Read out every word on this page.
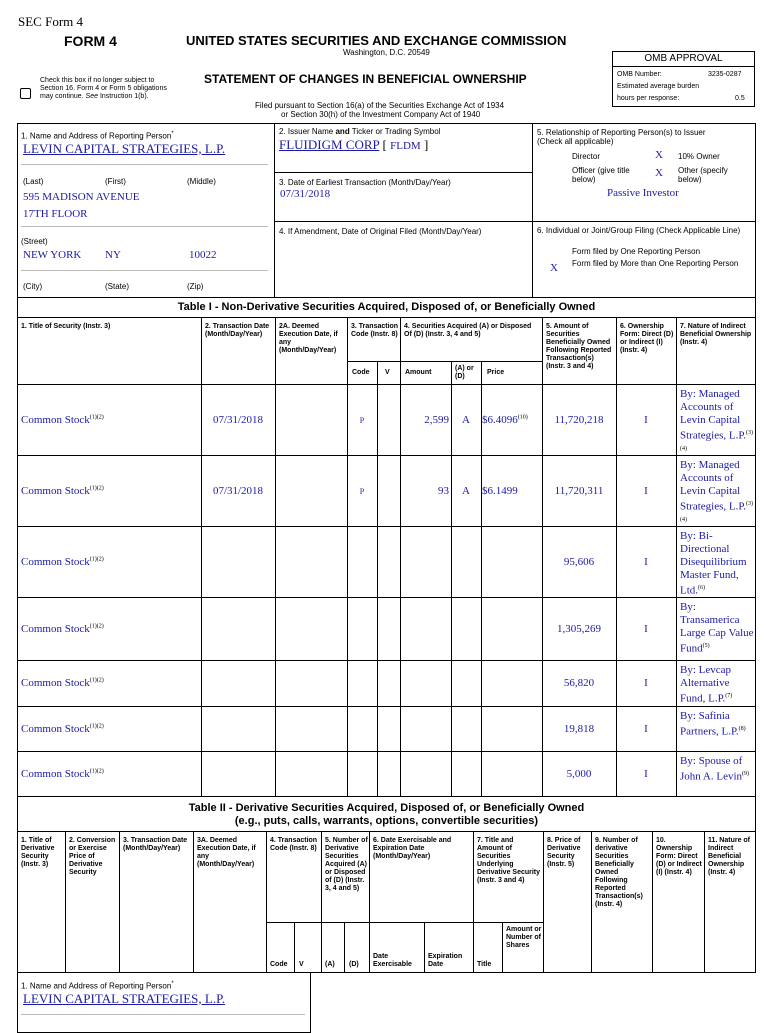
SEC Form 4
FORM 4	UNITED STATES SECURITIES AND EXCHANGE COMMISSION
Washington, D.C. 20549
OMB APPROVAL
OMB Number:	3235-0287
Estimated average burden
hours per response:	0.5
Check this box if no longer subject to Section 16. Form 4 or Form 5 obligations may continue. See Instruction 1(b).
STATEMENT OF CHANGES IN BENEFICIAL OWNERSHIP
Filed pursuant to Section 16(a) of the Securities Exchange Act of 1934
or Section 30(h) of the Investment Company Act of 1940
1. Name and Address of Reporting Person*
LEVIN CAPITAL STRATEGIES, L.P.
(Last)	(First)	(Middle)
595 MADISON AVENUE
17TH FLOOR
(Street)
NEW YORK NY	10022
(City)	(State)	(Zip)
2. Issuer Name and Ticker or Trading Symbol
FLUIDIGM CORP [ FLDM ]
3. Date of Earliest Transaction (Month/Day/Year)
07/31/2018
4. If Amendment, Date of Original Filed (Month/Day/Year)
5. Relationship of Reporting Person(s) to Issuer
(Check all applicable)
Director	X 10% Owner
Officer (give title below)
X Other (specify below)
Passive Investor
6. Individual or Joint/Group Filing (Check Applicable Line)
Form filed by One Reporting Person
X Form filed by More than One Reporting Person
Table I - Non-Derivative Securities Acquired, Disposed of, or Beneficially Owned
1. Title of Security (Instr. 3)	2. Transaction Date (Month/Day/Year)
2A. Deemed Execution Date, if any (Month/Day/Year)
3. Transaction Code (Instr. 8)
4. Securities Acquired (A) or Disposed Of (D) (Instr. 3, 4 and 5)
5. Amount of Securities Beneficially Owned Following Reported Transaction(s) (Instr. 3 and 4)
6. Ownership Form: Direct (D) or Indirect (I) (Instr. 4)
7. Nature of Indirect Beneficial Ownership (Instr. 4)
Code V Amount
(A) or (D)
Price
Common Stock$^{(1)(2)}$	07/31/2018	P	2,599	A	$6.4096$^{(10)}$	11,720,218	I
By: Managed Accounts of Levin Capital Strategies, L.P.$^{(3)(4)}$
Common Stock$^{(1)(2)}$	07/31/2018	P	93	A	$6.1499	11,720,311	I
By: Managed Accounts of Levin Capital Strategies, L.P.$^{(3)(4)}$
Common Stock$^{(1)(2)}$	95,606	I
By: Bi-Directional Disequilibrium Master Fund, Ltd.$^{(6)}$
Common Stock$^{(1)(2)}$	1,305,269	I
By: Transamerica Large Cap Value Fund$^{(5)}$
Common Stock$^{(1)(2)}$	56,820	I
By: Levcap Alternative Fund, L.P.$^{(7)}$
Common Stock$^{(1)(2)}$	19,818	I
By: Safinia Partners, L.P.$^{(8)}$
Common Stock$^{(1)(2)}$	5,000	I
By: Spouse of John A. Levin$^{(9)}$
Table II - Derivative Securities Acquired, Disposed of, or Beneficially Owned
(e.g., puts, calls, warrants, options, convertible securities)
1. Title of Derivative Security (Instr. 3)
2. Conversion or Exercise Price of Derivative Security
3. Transaction Date (Month/Day/Year)
3A. Deemed Execution Date, if any (Month/Day/Year)
4. Transaction Code (Instr. 8)
5. Number of Derivative Securities Acquired (A) or Disposed of (D) (Instr. 3, 4 and 5)
6. Date Exercisable and Expiration Date (Month/Day/Year)
7. Title and Amount of Securities Underlying Derivative Security (Instr. 3 and 4)
8. Price of Derivative Security (Instr. 5)
9. Number of derivative Securities Beneficially Owned Following Reported Transaction(s) (Instr. 4)
10. Ownership Form: Direct (D) or Indirect (I) (Instr. 4)
11. Nature of Indirect Beneficial Ownership (Instr. 4)
Code V	(A) (D)
Date Exercisable
Expiration Date	Title
Amount or Number of Shares
1. Name and Address of Reporting Person*
LEVIN CAPITAL STRATEGIES, L.P.
